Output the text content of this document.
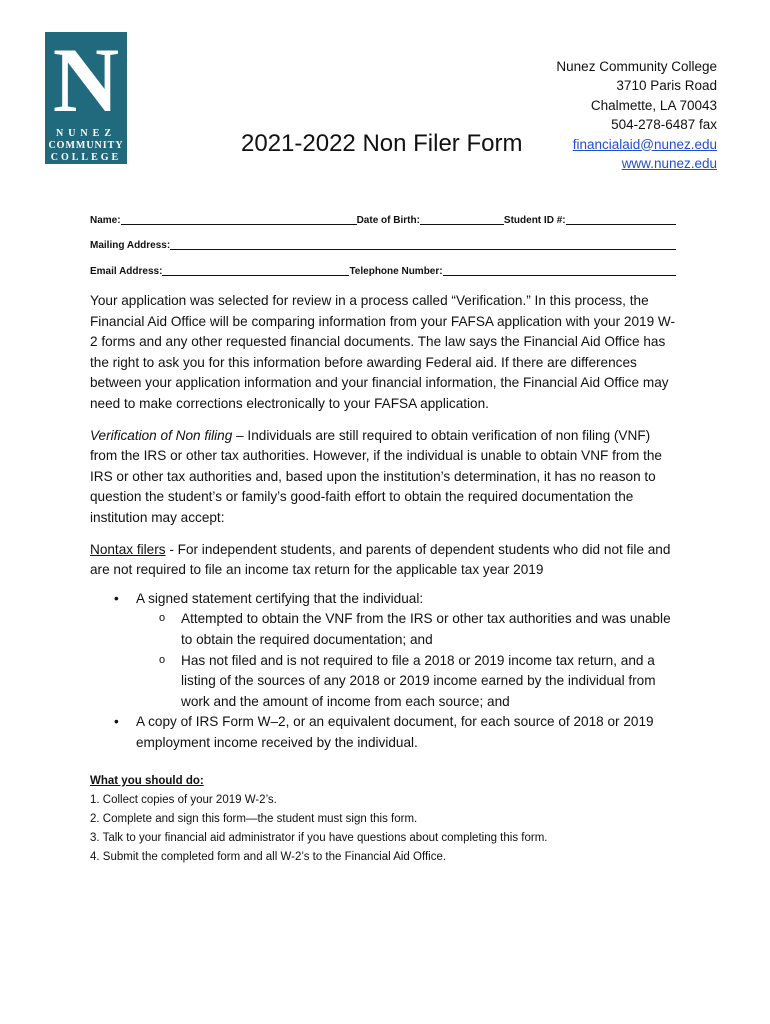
N
NUNEZ
COMMUNITY
COLLEGE
2021-2022 Non Filer Form
Nunez Community College
3710 Paris Road
Chalmette, LA 70043
504-278-6487 fax
financialaid@nunez.edu
www.nunez.edu
Name:	Date of Birth:	Student ID #:
Mailing Address:
Email Address:	Telephone Number:

Your application was selected for review in a process called “Verification.” In this process, the Financial Aid Office will be comparing information from your FAFSA application with your 2019 W-2 forms and any other requested financial documents. The law says the Financial Aid Office has the right to ask you for this information before awarding Federal aid. If there are differences between your application information and your financial information, the Financial Aid Office may need to make corrections electronically to your FAFSA application.

Verification of Non filing – Individuals are still required to obtain verification of non filing (VNF) from the IRS or other tax authorities. However, if the individual is unable to obtain VNF from the IRS or other tax authorities and, based upon the institution’s determination, it has no reason to question the student’s or family’s good-faith effort to obtain the required documentation the institution may accept:

Nontax filers - For independent students, and parents of dependent students who did not file and are not required to file an income tax return for the applicable tax year 2019

• A signed statement certifying that the individual:
o Attempted to obtain the VNF from the IRS or other tax authorities and was unable to obtain the required documentation; and
o Has not filed and is not required to file a 2018 or 2019 income tax return, and a listing of the sources of any 2018 or 2019 income earned by the individual from work and the amount of income from each source; and
• A copy of IRS Form W–2, or an equivalent document, for each source of 2018 or 2019 employment income received by the individual.
What you should do:
1. Collect copies of your 2019 W-2’s.
2. Complete and sign this form—the student must sign this form.
3. Talk to your financial aid administrator if you have questions about completing this form.
4. Submit the completed form and all W-2’s to the Financial Aid Office.
